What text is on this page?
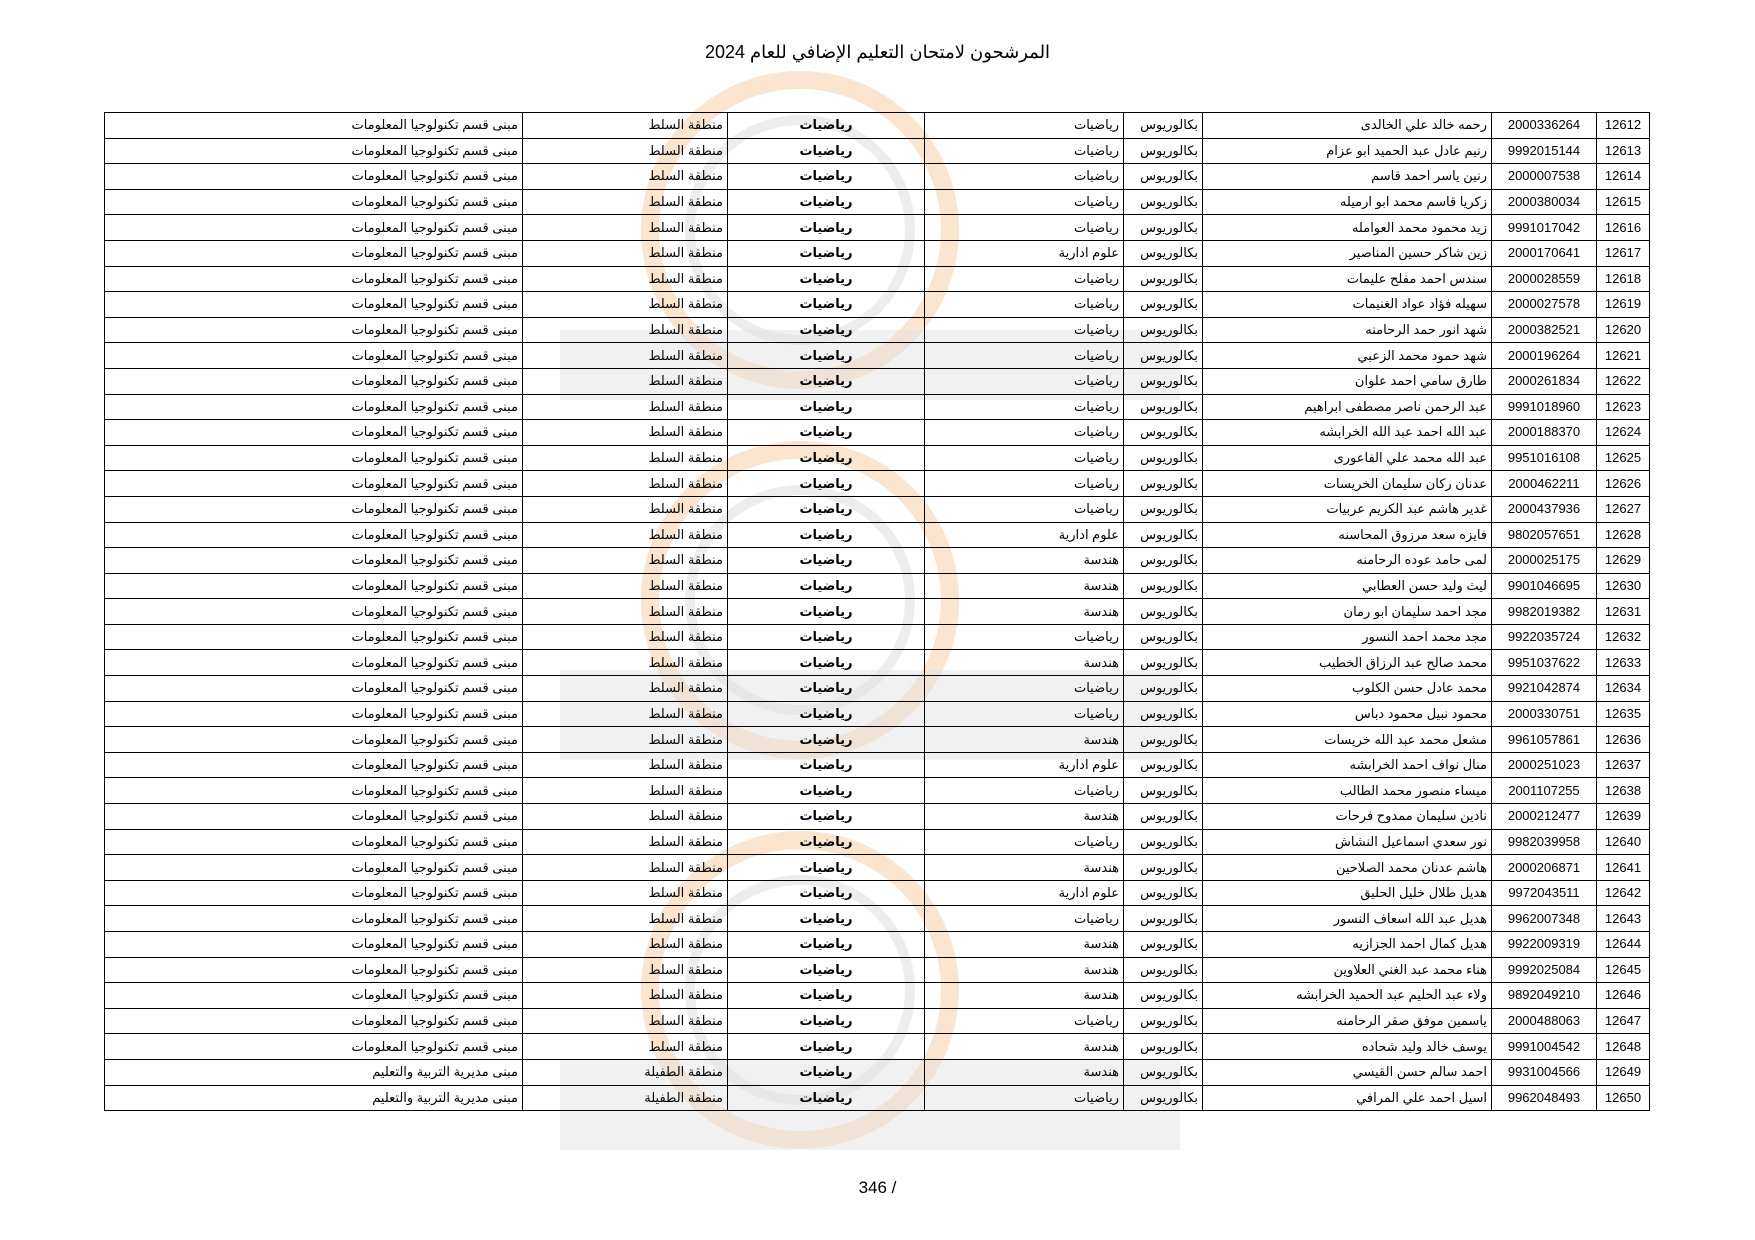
المرشحون لامتحان التعليم الإضافي للعام 2024
12612	2000336264	رحمه خالد علي الخالدى	بكالوريوس	رياضيات	رياضيات	منطقة السلط	مبنى قسم تكنولوجيا المعلومات
12613	9992015144	رنيم عادل عبد الحميد ابو عزام	بكالوريوس	رياضيات	رياضيات	منطقة السلط	مبنى قسم تكنولوجيا المعلومات
12614	2000007538	رنين ياسر احمد قاسم	بكالوريوس	رياضيات	رياضيات	منطقة السلط	مبنى قسم تكنولوجيا المعلومات
12615	2000380034	زكريا قاسم محمد ابو ارميله	بكالوريوس	رياضيات	رياضيات	منطقة السلط	مبنى قسم تكنولوجيا المعلومات
12616	9991017042	زيد محمود محمد العوامله	بكالوريوس	رياضيات	رياضيات	منطقة السلط	مبنى قسم تكنولوجيا المعلومات
12617	2000170641	زين شاكر حسين المناصير	بكالوريوس	علوم ادارية	رياضيات	منطقة السلط	مبنى قسم تكنولوجيا المعلومات
12618	2000028559	سندس احمد مفلح عليمات	بكالوريوس	رياضيات	رياضيات	منطقة السلط	مبنى قسم تكنولوجيا المعلومات
12619	2000027578	سهيله فؤاد عواد الغنيمات	بكالوريوس	رياضيات	رياضيات	منطقة السلط	مبنى قسم تكنولوجيا المعلومات
12620	2000382521	شهد انور حمد الرحامنه	بكالوريوس	رياضيات	رياضيات	منطقة السلط	مبنى قسم تكنولوجيا المعلومات
12621	2000196264	شهد حمود محمد الزعبي	بكالوريوس	رياضيات	رياضيات	منطقة السلط	مبنى قسم تكنولوجيا المعلومات
12622	2000261834	طارق سامي احمد علوان	بكالوريوس	رياضيات	رياضيات	منطقة السلط	مبنى قسم تكنولوجيا المعلومات
12623	9991018960	عبد الرحمن ناصر مصطفى ابراهيم	بكالوريوس	رياضيات	رياضيات	منطقة السلط	مبنى قسم تكنولوجيا المعلومات
12624	2000188370	عبد الله احمد عبد الله الخرابشه	بكالوريوس	رياضيات	رياضيات	منطقة السلط	مبنى قسم تكنولوجيا المعلومات
12625	9951016108	عبد الله محمد علي الفاعورى	بكالوريوس	رياضيات	رياضيات	منطقة السلط	مبنى قسم تكنولوجيا المعلومات
12626	2000462211	عدنان ركان سليمان الخريسات	بكالوريوس	رياضيات	رياضيات	منطقة السلط	مبنى قسم تكنولوجيا المعلومات
12627	2000437936	غدير هاشم عبد الكريم عربيات	بكالوريوس	رياضيات	رياضيات	منطقة السلط	مبنى قسم تكنولوجيا المعلومات
12628	9802057651	فايزه سعد مرزوق المحاسنه	بكالوريوس	علوم ادارية	رياضيات	منطقة السلط	مبنى قسم تكنولوجيا المعلومات
12629	2000025175	لمى حامد عوده الرحامنه	بكالوريوس	هندسة	رياضيات	منطقة السلط	مبنى قسم تكنولوجيا المعلومات
12630	9901046695	ليث وليد حسن العطابي	بكالوريوس	هندسة	رياضيات	منطقة السلط	مبنى قسم تكنولوجيا المعلومات
12631	9982019382	مجد احمد سليمان ابو رمان	بكالوريوس	هندسة	رياضيات	منطقة السلط	مبنى قسم تكنولوجيا المعلومات
12632	9922035724	مجد محمد احمد النسور	بكالوريوس	رياضيات	رياضيات	منطقة السلط	مبنى قسم تكنولوجيا المعلومات
12633	9951037622	محمد صالح عبد الرزاق الخطيب	بكالوريوس	هندسة	رياضيات	منطقة السلط	مبنى قسم تكنولوجيا المعلومات
12634	9921042874	محمد عادل حسن الكلوب	بكالوريوس	رياضيات	رياضيات	منطقة السلط	مبنى قسم تكنولوجيا المعلومات
12635	2000330751	محمود نبيل محمود دباس	بكالوريوس	رياضيات	رياضيات	منطقة السلط	مبنى قسم تكنولوجيا المعلومات
12636	9961057861	مشعل محمد عبد الله خريسات	بكالوريوس	هندسة	رياضيات	منطقة السلط	مبنى قسم تكنولوجيا المعلومات
12637	2000251023	منال نواف احمد الخرابشه	بكالوريوس	علوم ادارية	رياضيات	منطقة السلط	مبنى قسم تكنولوجيا المعلومات
12638	2001107255	ميساء منصور محمد الطالب	بكالوريوس	رياضيات	رياضيات	منطقة السلط	مبنى قسم تكنولوجيا المعلومات
12639	2000212477	نادين سليمان ممدوح فرحات	بكالوريوس	هندسة	رياضيات	منطقة السلط	مبنى قسم تكنولوجيا المعلومات
12640	9982039958	نور سعدي اسماعيل النشاش	بكالوريوس	رياضيات	رياضيات	منطقة السلط	مبنى قسم تكنولوجيا المعلومات
12641	2000206871	هاشم عدنان محمد الصلاحين	بكالوريوس	هندسة	رياضيات	منطقة السلط	مبنى قسم تكنولوجيا المعلومات
12642	9972043511	هديل طلال خليل الحليق	بكالوريوس	علوم ادارية	رياضيات	منطقة السلط	مبنى قسم تكنولوجيا المعلومات
12643	9962007348	هديل عبد الله اسعاف النسور	بكالوريوس	رياضيات	رياضيات	منطقة السلط	مبنى قسم تكنولوجيا المعلومات
12644	9922009319	هديل كمال احمد الجزازيه	بكالوريوس	هندسة	رياضيات	منطقة السلط	مبنى قسم تكنولوجيا المعلومات
12645	9992025084	هناء محمد عبد الغني العلاوين	بكالوريوس	هندسة	رياضيات	منطقة السلط	مبنى قسم تكنولوجيا المعلومات
12646	9892049210	ولاء عبد الحليم عبد الحميد الخرابشه	بكالوريوس	هندسة	رياضيات	منطقة السلط	مبنى قسم تكنولوجيا المعلومات
12647	2000488063	ياسمين موفق صقر الرحامنه	بكالوريوس	رياضيات	رياضيات	منطقة السلط	مبنى قسم تكنولوجيا المعلومات
12648	9991004542	يوسف خالد وليد شحاده	بكالوريوس	هندسة	رياضيات	منطقة السلط	مبنى قسم تكنولوجيا المعلومات
12649	9931004566	احمد سالم حسن القيسي	بكالوريوس	هندسة	رياضيات	منطقة الطفيلة	مبنى مديرية التربية والتعليم
12650	9962048493	اسيل احمد علي المرافي	بكالوريوس	رياضيات	رياضيات	منطقة الطفيلة	مبنى مديرية التربية والتعليم
346 /
